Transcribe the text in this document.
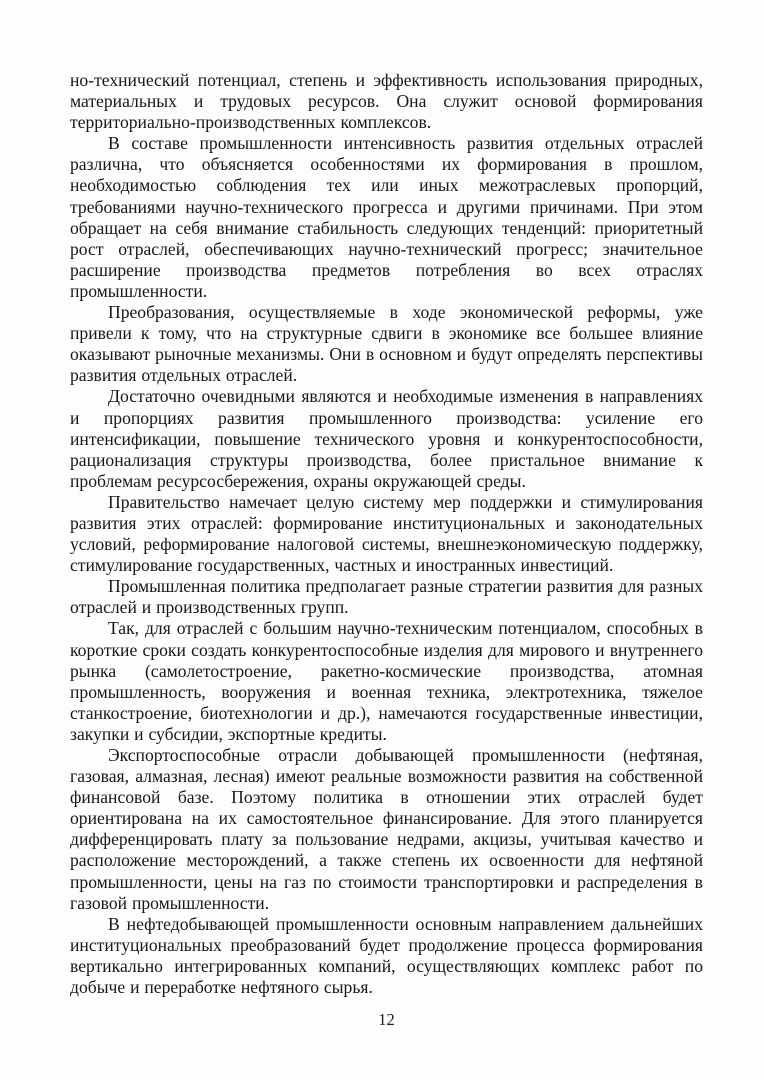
но-технический потенциал, степень и эффективность использования природных, материальных и трудовых ресурсов. Она служит основой формирования территориально-производственных комплексов.

В составе промышленности интенсивность развития отдельных отраслей различна, что объясняется особенностями их формирования в прошлом, необходимостью соблюдения тех или иных межотраслевых пропорций, требованиями научно-технического прогресса и другими причинами. При этом обращает на себя внимание стабильность следующих тенденций: приоритетный рост отраслей, обеспечивающих научно-технический прогресс; значительное расширение производства предметов потребления во всех отраслях промышленности.

Преобразования, осуществляемые в ходе экономической реформы, уже привели к тому, что на структурные сдвиги в экономике все большее влияние оказывают рыночные механизмы. Они в основном и будут определять перспективы развития отдельных отраслей.

Достаточно очевидными являются и необходимые изменения в направлениях и пропорциях развития промышленного производства: усиление его интенсификации, повышение технического уровня и конкурентоспособности, рационализация структуры производства, более пристальное внимание к проблемам ресурсосбережения, охраны окружающей среды.

Правительство намечает целую систему мер поддержки и стимулирования развития этих отраслей: формирование институциональных и законодательных условий, реформирование налоговой системы, внешнеэкономическую поддержку, стимулирование государственных, частных и иностранных инвестиций.

Промышленная политика предполагает разные стратегии развития для разных отраслей и производственных групп.

Так, для отраслей с большим научно-техническим потенциалом, способных в короткие сроки создать конкурентоспособные изделия для мирового и внутреннего рынка (самолетостроение, ракетно-космические производства, атомная промышленность, вооружения и военная техника, электротехника, тяжелое станкостроение, биотехнологии и др.), намечаются государственные инвестиции, закупки и субсидии, экспортные кредиты.

Экспортоспособные отрасли добывающей промышленности (нефтяная, газовая, алмазная, лесная) имеют реальные возможности развития на собственной финансовой базе. Поэтому политика в отношении этих отраслей будет ориентирована на их самостоятельное финансирование. Для этого планируется дифференцировать плату за пользование недрами, акцизы, учитывая качество и расположение месторождений, а также степень их освоенности для нефтяной промышленности, цены на газ по стоимости транспортировки и распределения в газовой промышленности.

В нефтедобывающей промышленности основным направлением дальнейших институциональных преобразований будет продолжение процесса формирования вертикально интегрированных компаний, осуществляющих комплекс работ по добыче и переработке нефтяного сырья.

12
